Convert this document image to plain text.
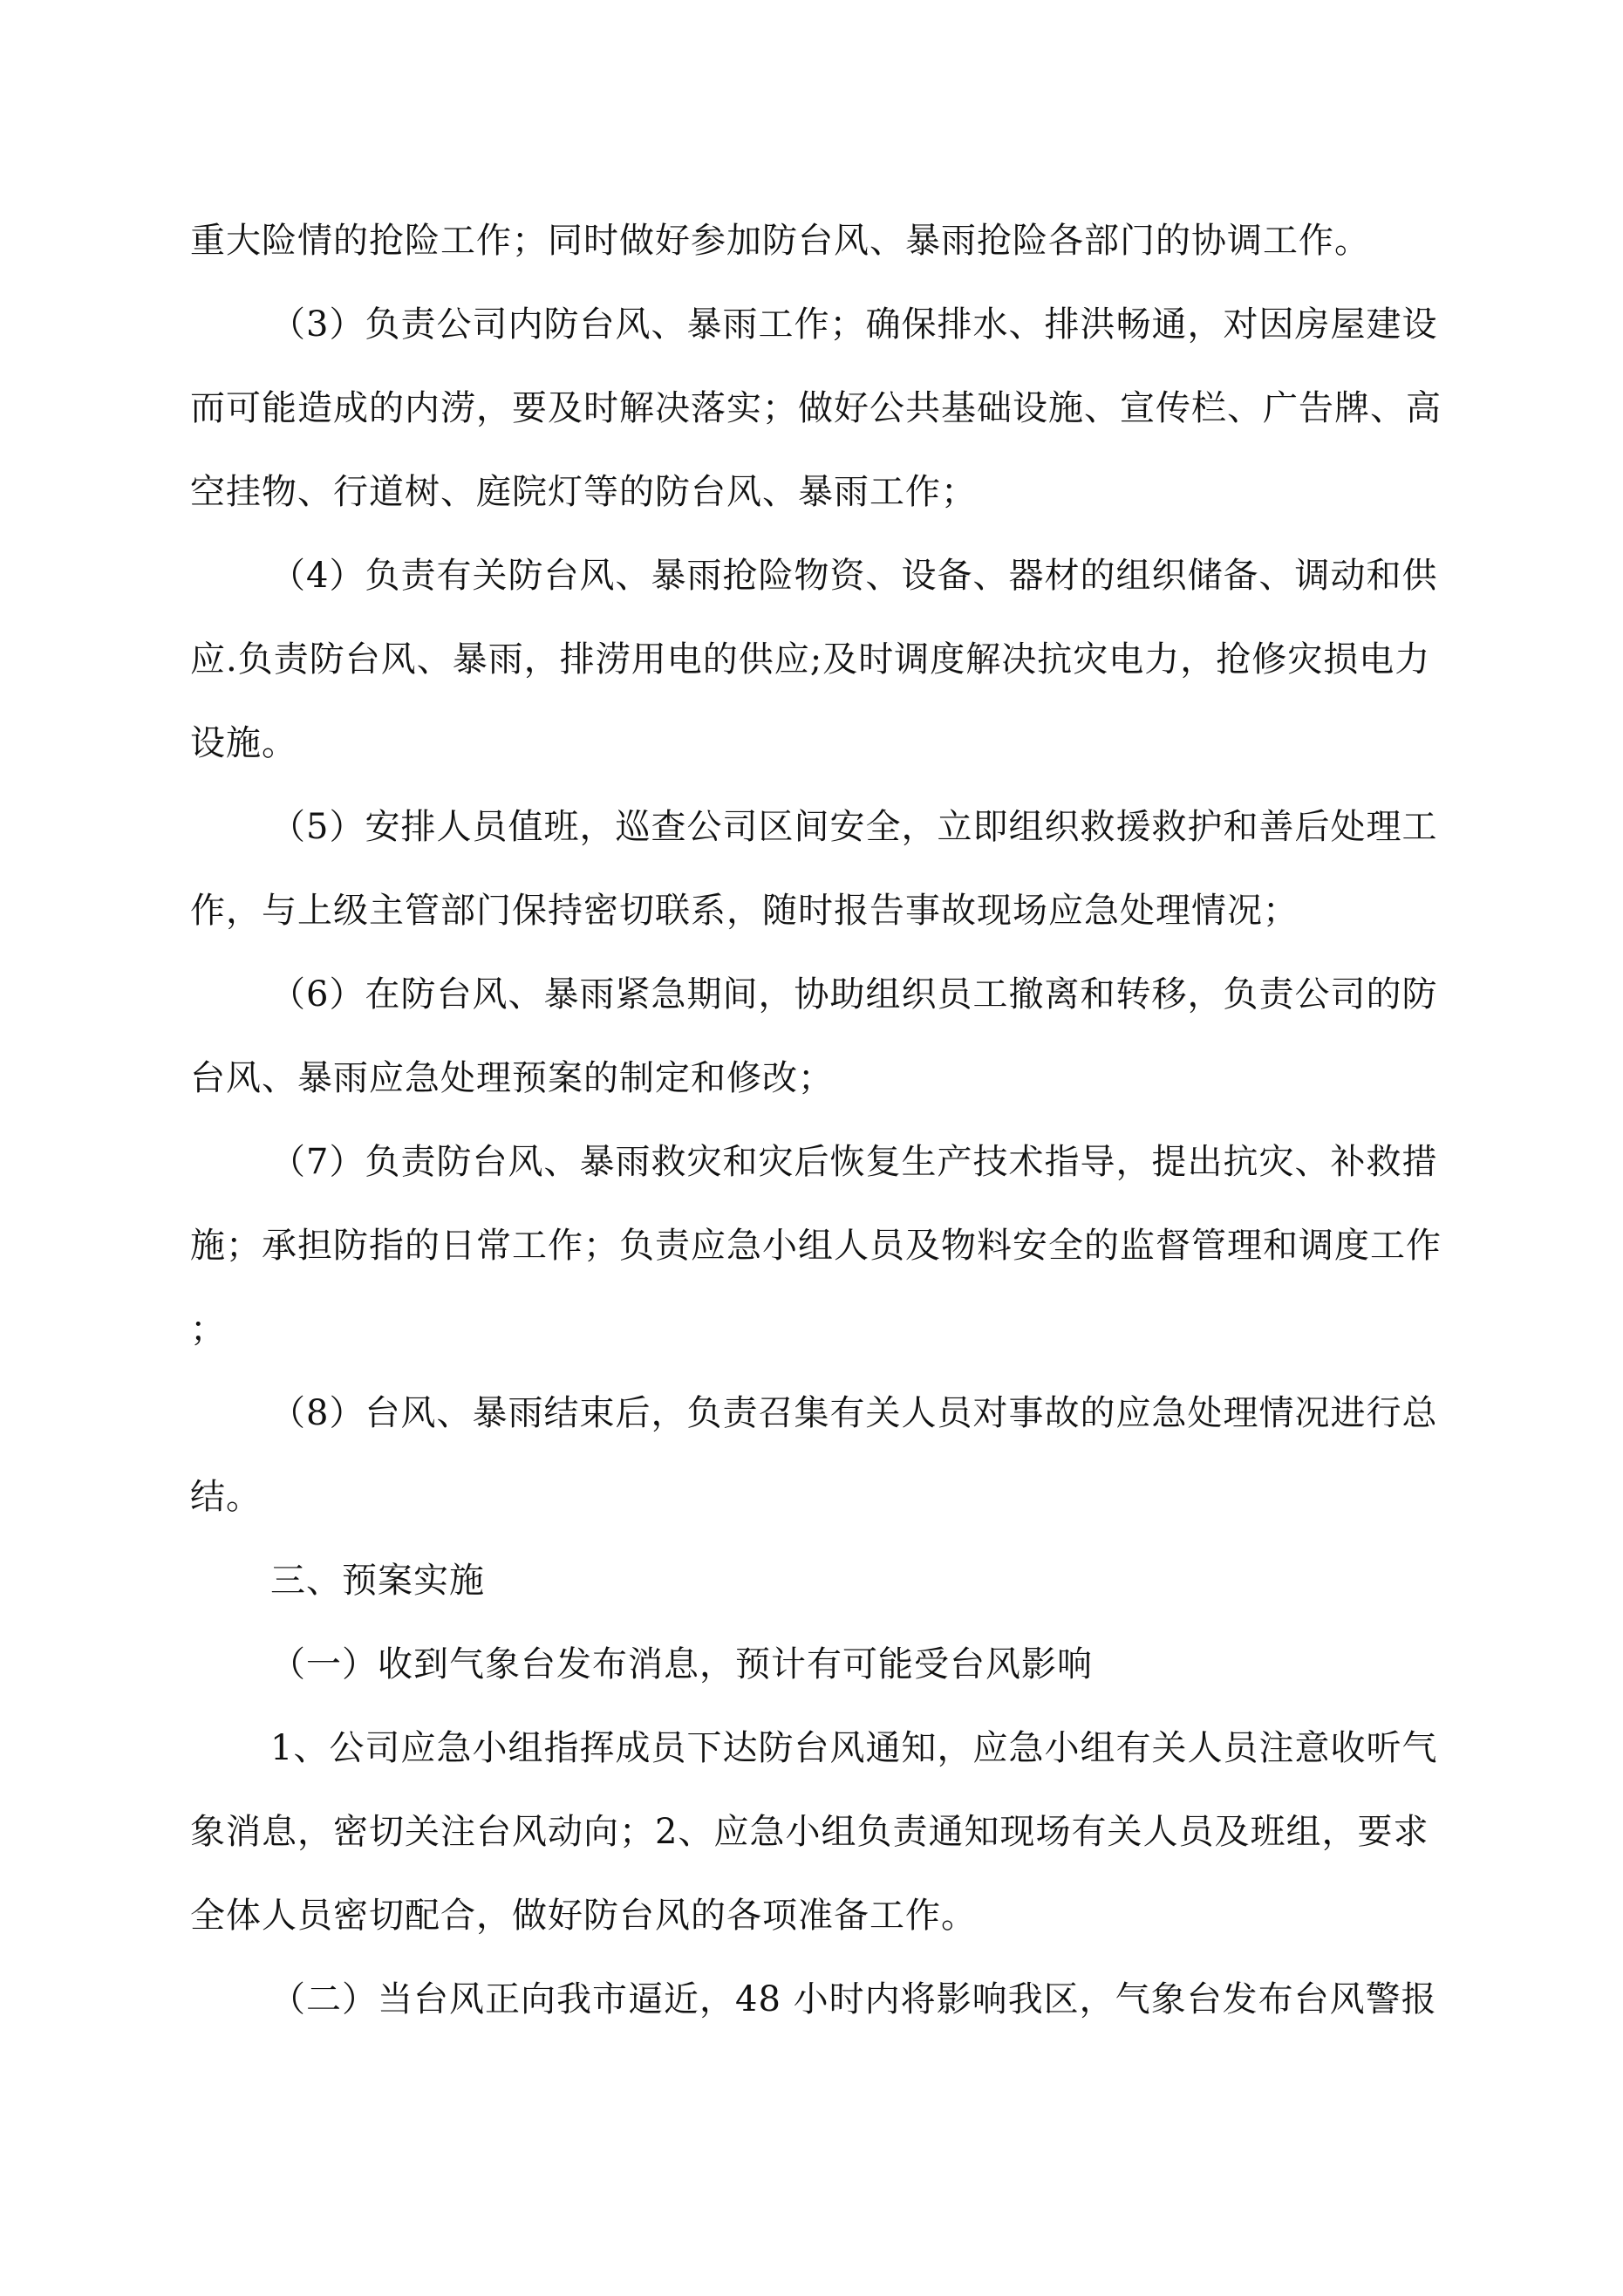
重大险情的抢险工作；同时做好参加防台风、暴雨抢险各部门的协调工作。
（3）负责公司内防台风、暴雨工作；确保排水、排洪畅通，对因房屋建设
而可能造成的内涝，要及时解决落实；做好公共基础设施、宣传栏、广告牌、高
空挂物、行道树、庭院灯等的防台风、暴雨工作；
（4）负责有关防台风、暴雨抢险物资、设备、器材的组织储备、调动和供
应.负责防台风、暴雨，排涝用电的供应;及时调度解决抗灾电力，抢修灾损电力
设施。
（5）安排人员值班，巡查公司区间安全，立即组织救援救护和善后处理工
作，与上级主管部门保持密切联系，随时报告事故现场应急处理情况；
（6）在防台风、暴雨紧急期间，协助组织员工撤离和转移，负责公司的防
台风、暴雨应急处理预案的制定和修改；
（7）负责防台风、暴雨救灾和灾后恢复生产技术指导，提出抗灾、补救措
施；承担防指的日常工作；负责应急小组人员及物料安全的监督管理和调度工作
；
（8）台风、暴雨结束后，负责召集有关人员对事故的应急处理情况进行总
结。
三、预案实施
（一）收到气象台发布消息，预计有可能受台风影响
1、公司应急小组指挥成员下达防台风通知，应急小组有关人员注意收听气
象消息，密切关注台风动向；2、应急小组负责通知现场有关人员及班组，要求
全体人员密切配合，做好防台风的各项准备工作。
（二）当台风正向我市逼近，48 小时内将影响我区，气象台发布台风警报
